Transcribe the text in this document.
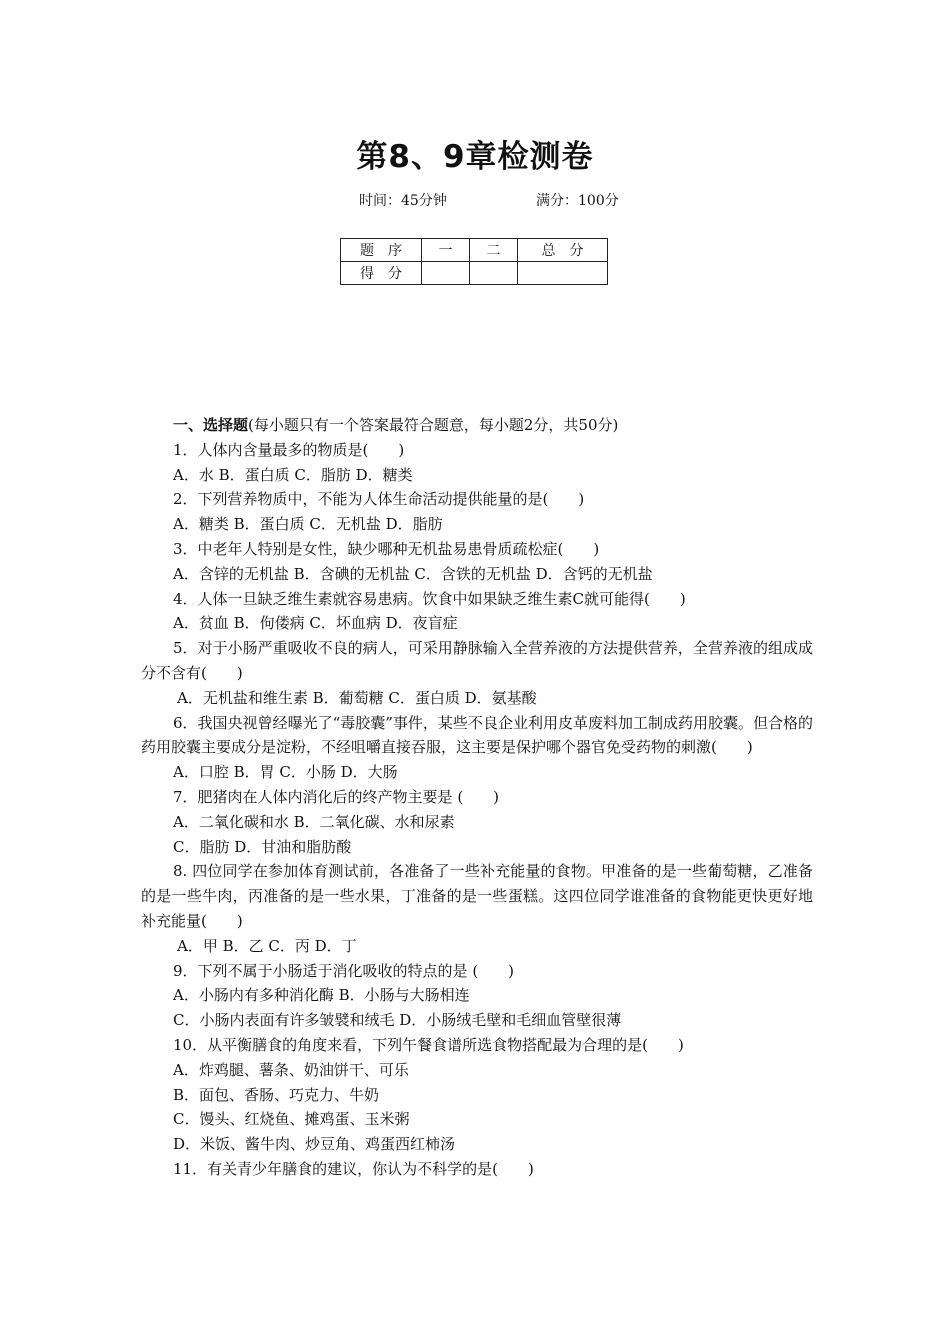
第8、9章检测卷
时间：45分钟	满分：100分
题　序	一	二	总　分
得　分			
一、选择题(每小题只有一个答案最符合题意，每小题2分，共50分)
1．人体内含量最多的物质是(　　)
A．水 B．蛋白质 C．脂肪 D．糖类
2．下列营养物质中，不能为人体生命活动提供能量的是(　　)
A．糖类 B．蛋白质 C．无机盐 D．脂肪
3．中老年人特别是女性，缺少哪种无机盐易患骨质疏松症(　　)
A．含锌的无机盐 B．含碘的无机盐 C．含铁的无机盐 D．含钙的无机盐
4．人体一旦缺乏维生素就容易患病。饮食中如果缺乏维生素C就可能得(　　)
A．贫血 B．佝偻病 C．坏血病 D．夜盲症
5．对于小肠严重吸收不良的病人，可采用静脉输入全营养液的方法提供营养，全营养液的组成成分不含有(　　)
A．无机盐和维生素 B．葡萄糖 C．蛋白质 D．氨基酸
6．我国央视曾经曝光了“毒胶囊”事件，某些不良企业利用皮革废料加工制成药用胶囊。但合格的药用胶囊主要成分是淀粉，不经咀嚼直接吞服，这主要是保护哪个器官免受药物的刺激(　　)
A．口腔 B．胃 C．小肠 D．大肠
7．肥猪肉在人体内消化后的终产物主要是 (　　)
A．二氧化碳和水 B．二氧化碳、水和尿素
C．脂肪 D．甘油和脂肪酸
8. 四位同学在参加体育测试前，各准备了一些补充能量的食物。甲准备的是一些葡萄糖，乙准备的是一些牛肉，丙准备的是一些水果，丁准备的是一些蛋糕。这四位同学谁准备的食物能更快更好地补充能量(　　)
A．甲 B．乙 C．丙 D．丁
9．下列不属于小肠适于消化吸收的特点的是 (　　)
A．小肠内有多种消化酶 B．小肠与大肠相连
C．小肠内表面有许多皱襞和绒毛 D．小肠绒毛壁和毛细血管壁很薄
10．从平衡膳食的角度来看，下列午餐食谱所选食物搭配最为合理的是(　　)
A．炸鸡腿、薯条、奶油饼干、可乐
B．面包、香肠、巧克力、牛奶
C．馒头、红烧鱼、摊鸡蛋、玉米粥
D．米饭、酱牛肉、炒豆角、鸡蛋西红柿汤
11．有关青少年膳食的建议，你认为不科学的是(　　)
